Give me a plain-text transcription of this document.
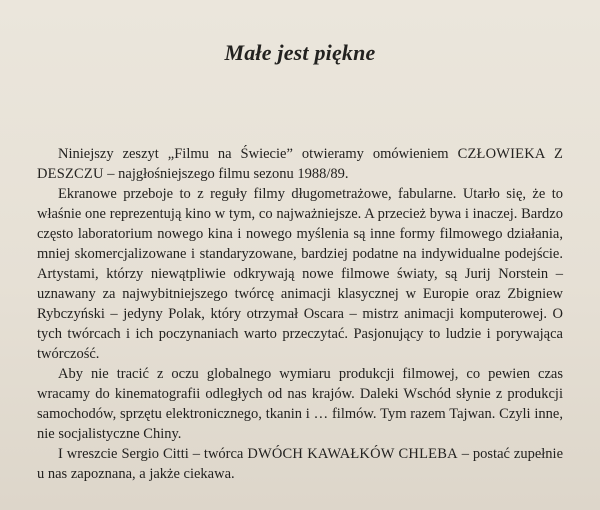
Małe jest piękne

Niniejszy zeszyt „Filmu na Świecie” otwieramy omówieniem CZŁOWIEKA Z DESZCZU – najgłośniejszego filmu sezonu 1988/89.

Ekranowe przeboje to z reguły filmy długometrażowe, fabularne. Utarło się, że to właśnie one reprezentują kino w tym, co najważniejsze. A przecież bywa i inaczej. Bardzo często laboratorium nowego kina i nowego myślenia są inne formy filmowego działania, mniej skomercjalizowane i standaryzowane, bardziej podatne na indywidualne podejście. Artystami, którzy niewątpliwie odkrywają nowe filmowe światy, są Jurij Norstein – uznawany za najwybitniejszego twórcę animacji klasycznej w Europie oraz Zbigniew Rybczyński – jedyny Polak, który otrzymał Oscara – mistrz animacji komputerowej. O tych twórcach i ich poczynaniach warto przeczytać. Pasjonujący to ludzie i porywająca twórczość.

Aby nie tracić z oczu globalnego wymiaru produkcji filmowej, co pewien czas wracamy do kinematografii odległych od nas krajów. Daleki Wschód słynie z produkcji samochodów, sprzętu elektronicznego, tkanin i … filmów. Tym razem Tajwan. Czyli inne, nie socjalistyczne Chiny.

I wreszcie Sergio Citti – twórca DWÓCH KAWAŁKÓW CHLEBA – postać zupełnie u nas zapoznana, a jakże ciekawa.
